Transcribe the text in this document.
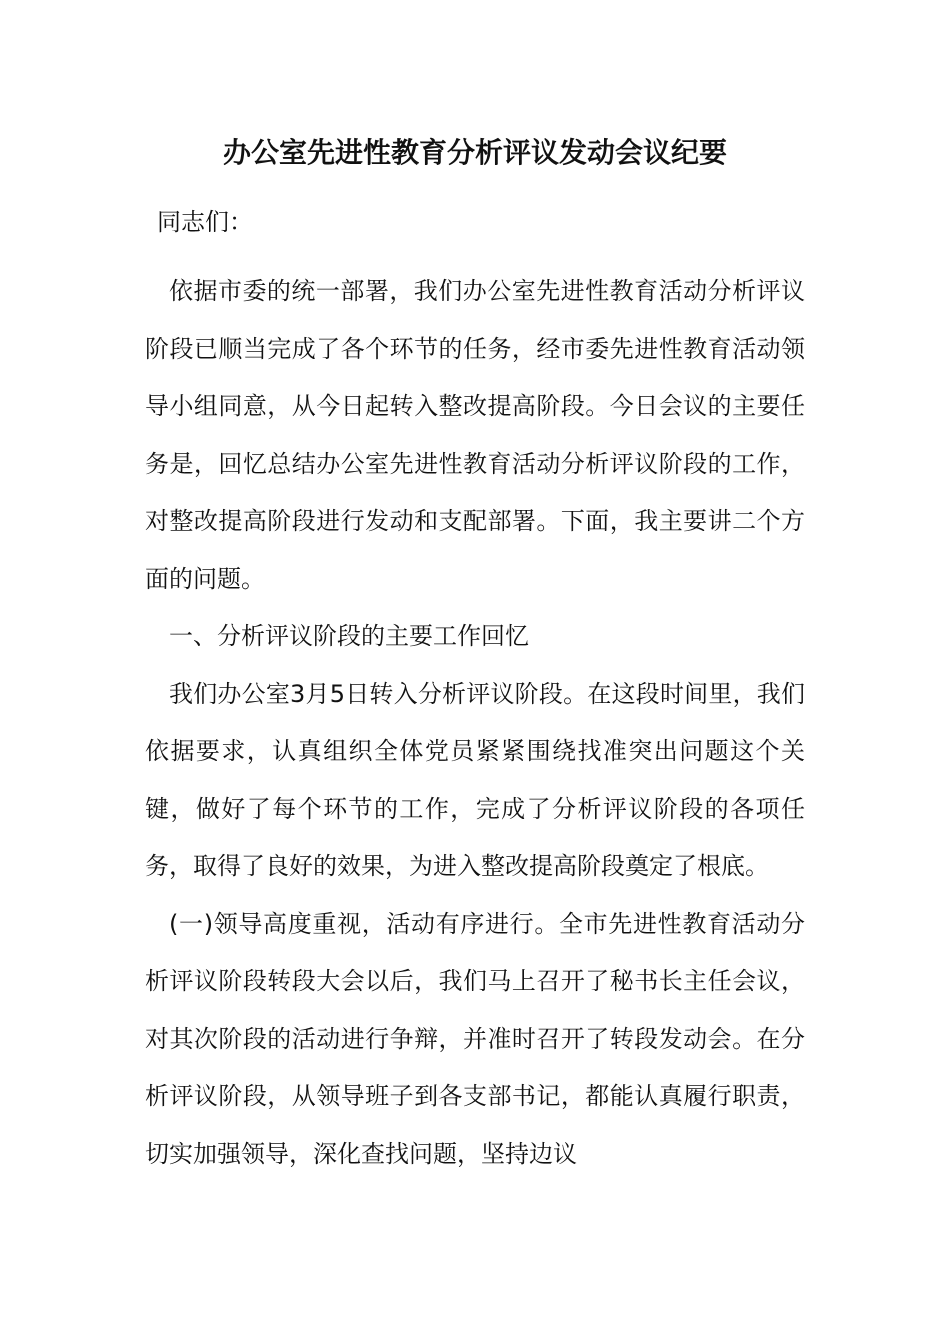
办公室先进性教育分析评议发动会议纪要

同志们：

依据市委的统一部署，我们办公室先进性教育活动分析评议阶段已顺当完成了各个环节的任务，经市委先进性教育活动领导小组同意，从今日起转入整改提高阶段。今日会议的主要任务是，回忆总结办公室先进性教育活动分析评议阶段的工作，对整改提高阶段进行发动和支配部署。下面，我主要讲二个方面的问题。

一、分析评议阶段的主要工作回忆

我们办公室3月5日转入分析评议阶段。在这段时间里，我们依据要求，认真组织全体党员紧紧围绕找准突出问题这个关键，做好了每个环节的工作，完成了分析评议阶段的各项任务，取得了良好的效果，为进入整改提高阶段奠定了根底。

(一)领导高度重视，活动有序进行。全市先进性教育活动分析评议阶段转段大会以后，我们马上召开了秘书长主任会议，对其次阶段的活动进行争辩，并准时召开了转段发动会。在分析评议阶段，从领导班子到各支部书记，都能认真履行职责，切实加强领导，深化查找问题，坚持边议
